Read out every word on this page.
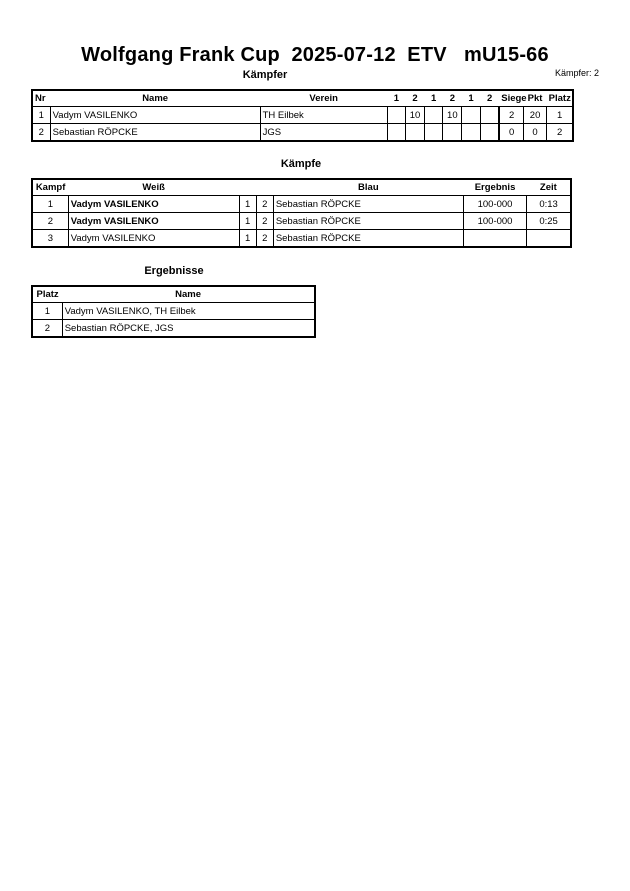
Wolfgang Frank Cup  2025-07-12  ETV   mU15-66
Kämpfer: 2
Kämpfer
Nr	Name	Verein	1	2	1	2	1	2	Siege	Pkt	Platz
1	Vadym VASILENKO	TH Eilbek		10		10			2	20	1
2	Sebastian RÖPCKE	JGS							0	0	2
Kämpfe
Kampf	Weiß			Blau	Ergebnis	Zeit
1	Vadym VASILENKO	1	2	Sebastian RÖPCKE	100-000	0:13
2	Vadym VASILENKO	1	2	Sebastian RÖPCKE	100-000	0:25
3	Vadym VASILENKO	1	2	Sebastian RÖPCKE		
Ergebnisse
Platz	Name
1	Vadym VASILENKO, TH Eilbek
2	Sebastian RÖPCKE, JGS
